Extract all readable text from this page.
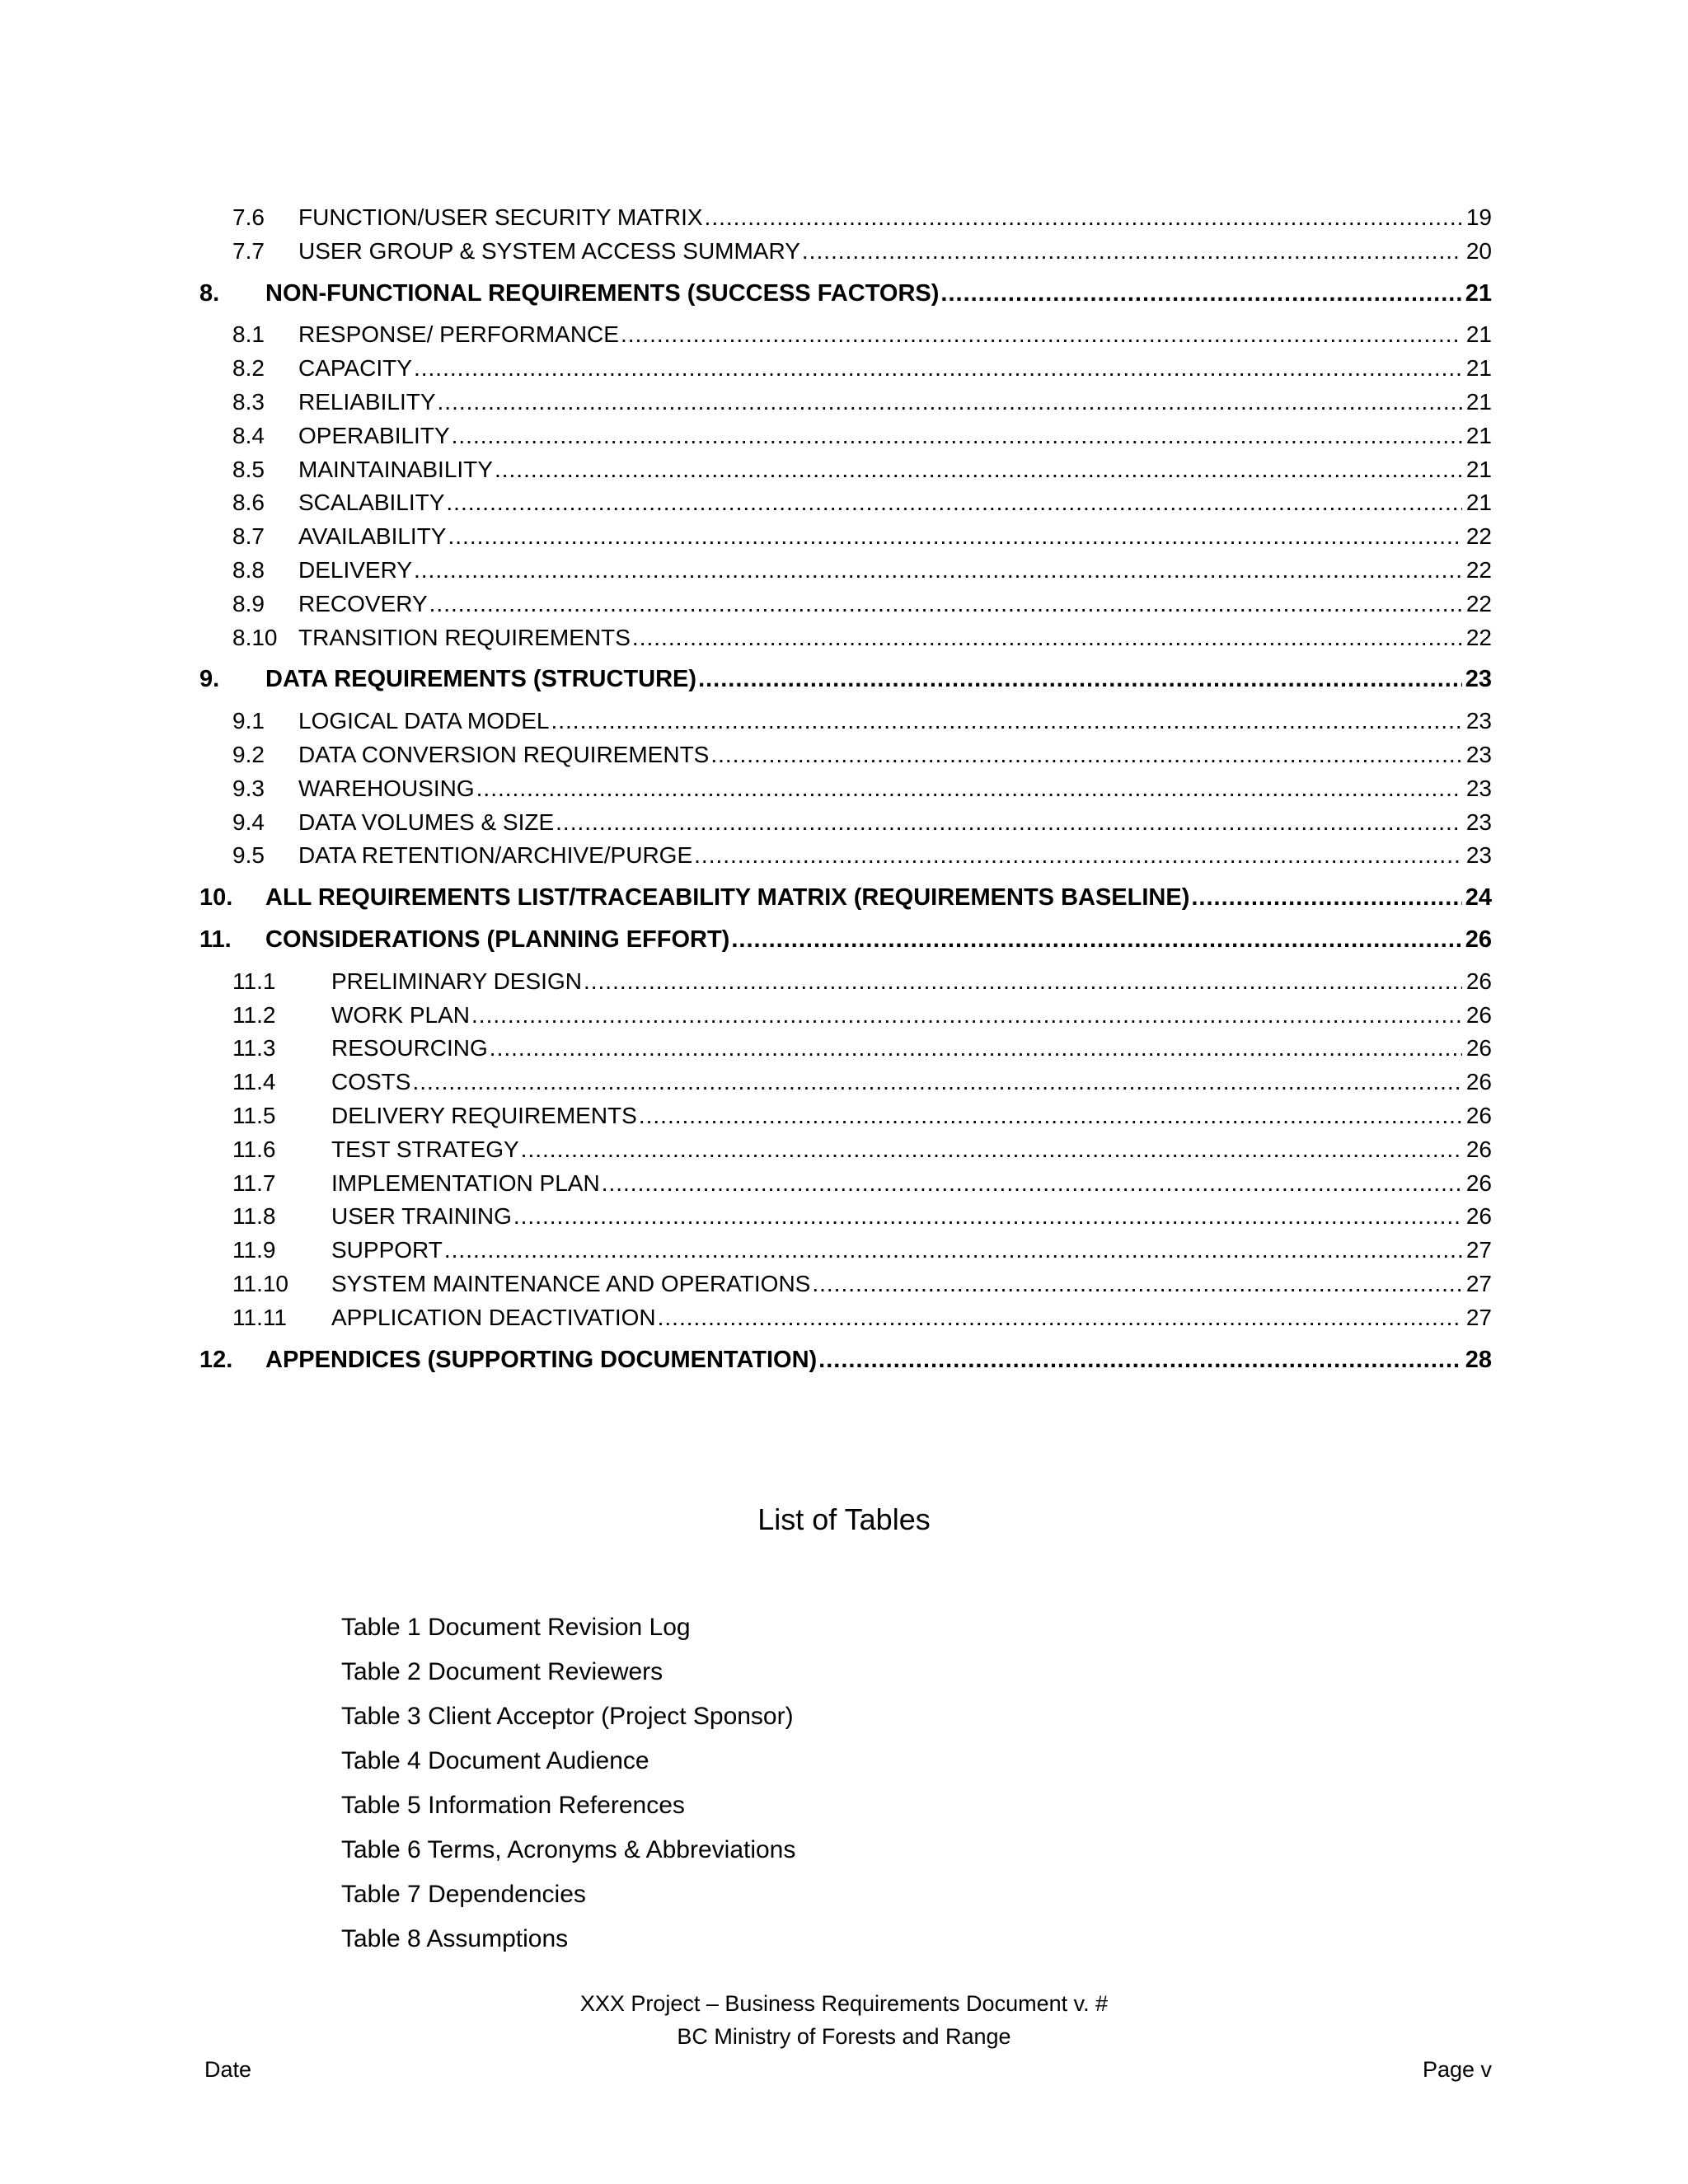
7.6	FUNCTION/USER SECURITY MATRIX .....	19
7.7	USER GROUP & SYSTEM ACCESS SUMMARY .....	20
8.	NON-FUNCTIONAL REQUIREMENTS (SUCCESS FACTORS) .....	21
8.1	RESPONSE/ PERFORMANCE .....	21
8.2	CAPACITY .....	21
8.3	RELIABILITY .....	21
8.4	OPERABILITY .....	21
8.5	MAINTAINABILITY .....	21
8.6	SCALABILITY .....	21
8.7	AVAILABILITY .....	22
8.8	DELIVERY .....	22
8.9	RECOVERY .....	22
8.10 TRANSITION REQUIREMENTS .....	22
9.	DATA REQUIREMENTS (STRUCTURE) .....	23
9.1	LOGICAL DATA MODEL .....	23
9.2	DATA CONVERSION REQUIREMENTS .....	23
9.3	WAREHOUSING .....	23
9.4	DATA VOLUMES & SIZE .....	23
9.5	DATA RETENTION/ARCHIVE/PURGE .....	23
10.	ALL REQUIREMENTS LIST/TRACEABILITY MATRIX (REQUIREMENTS BASELINE) .....	24
11.	CONSIDERATIONS (PLANNING EFFORT) .....	26
11.1	PRELIMINARY DESIGN .....	26
11.2	WORK PLAN .....	26
11.3	RESOURCING .....	26
11.4	COSTS .....	26
11.5	DELIVERY REQUIREMENTS .....	26
11.6	TEST STRATEGY .....	26
11.7	IMPLEMENTATION PLAN .....	26
11.8	USER TRAINING .....	26
11.9	SUPPORT .....	27
11.10	SYSTEM MAINTENANCE AND OPERATIONS .....	27
11.11	APPLICATION DEACTIVATION .....	27
12.	APPENDICES (SUPPORTING DOCUMENTATION) .....	28
List of Tables
Table 1 Document Revision Log
Table 2 Document Reviewers
Table 3 Client Acceptor (Project Sponsor)
Table 4 Document Audience
Table 5 Information References
Table 6 Terms, Acronyms & Abbreviations
Table 7 Dependencies
Table 8 Assumptions
XXX Project – Business Requirements Document v. #
BC Ministry of Forests and Range
Date	Page v
